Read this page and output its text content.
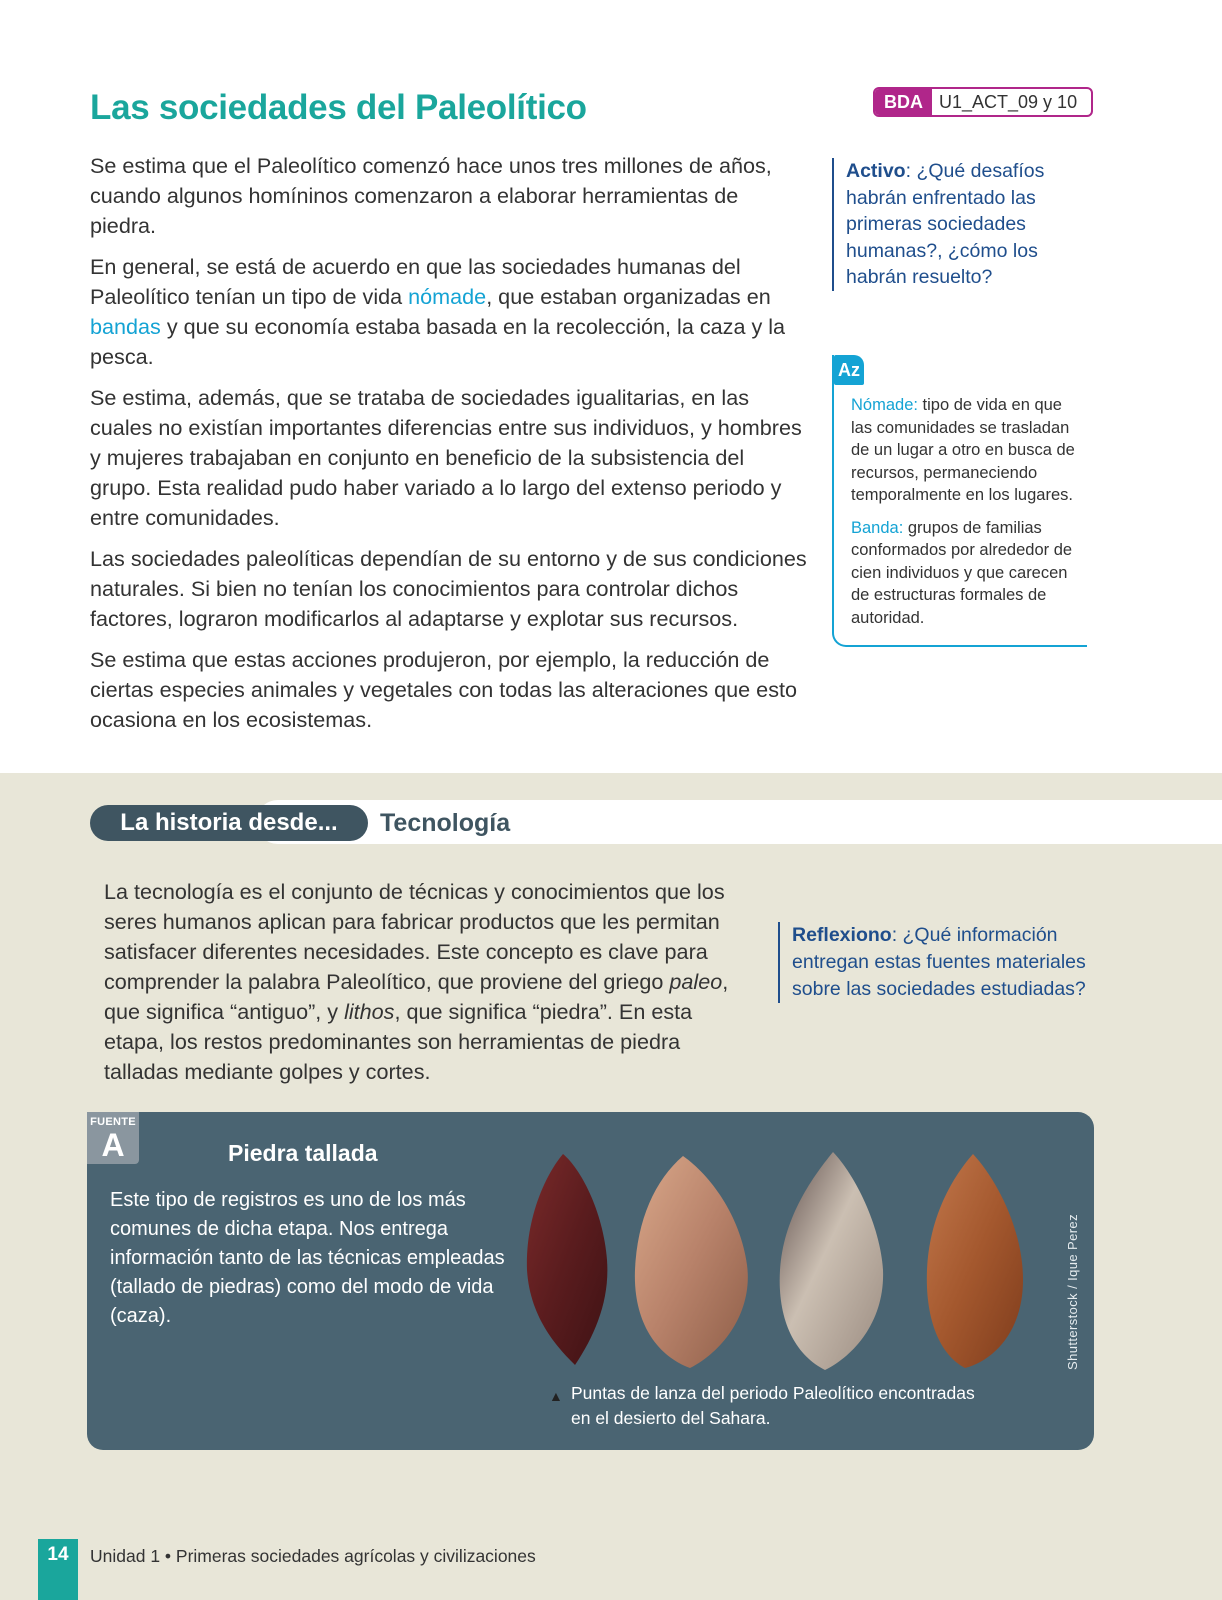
Las sociedades del Paleolítico	BDA U1_ACT_09 y 10

Se estima que el Paleolítico comenzó hace unos tres millones de años, cuando algunos homíninos comenzaron a elaborar herramientas de piedra.

En general, se está de acuerdo en que las sociedades humanas del Paleolítico tenían un tipo de vida nómade, que estaban organizadas en bandas y que su economía estaba basada en la recolección, la caza y la pesca.

Se estima, además, que se trataba de sociedades igualitarias, en las cuales no existían importantes diferencias entre sus individuos, y hombres y mujeres trabajaban en conjunto en beneficio de la subsistencia del grupo. Esta realidad pudo haber variado a lo largo del extenso periodo y entre comunidades.

Las sociedades paleolíticas dependían de su entorno y de sus condiciones naturales. Si bien no tenían los conocimientos para controlar dichos factores, lograron modificarlos al adaptarse y explotar sus recursos.

Se estima que estas acciones produjeron, por ejemplo, la reducción de ciertas especies animales y vegetales con todas las alteraciones que esto ocasiona en los ecosistemas.

Activo: ¿Qué desafíos habrán enfrentado las primeras sociedades humanas?, ¿cómo los habrán resuelto?
Az

Nómade: tipo de vida en que las comunidades se trasladan de un lugar a otro en busca de recursos, permaneciendo temporalmente en los lugares.

Banda: grupos de familias conformados por alrededor de cien individuos y que carecen de estructuras formales de autoridad.

La historia desde...	Tecnología

La tecnología es el conjunto de técnicas y conocimientos que los seres humanos aplican para fabricar productos que les permitan satisfacer diferentes necesidades. Este concepto es clave para comprender la palabra Paleolítico, que proviene del griego paleo, que significa “antiguo”, y lithos, que significa “piedra”. En esta etapa, los restos predominantes son herramientas de piedra talladas mediante golpes y cortes.

Reflexiono: ¿Qué información entregan estas fuentes materiales sobre las sociedades estudiadas?
FUENTE
A	Piedra tallada

Este tipo de registros es uno de los más comunes de dicha etapa. Nos entrega información tanto de las técnicas empleadas (tallado de piedras) como del modo de vida (caza).

▲ Puntas de lanza del periodo Paleolítico encontradas
en el desierto del Sahara.
Shutterstock / Ique Perez
14	Unidad 1 • Primeras sociedades agrícolas y civilizaciones
